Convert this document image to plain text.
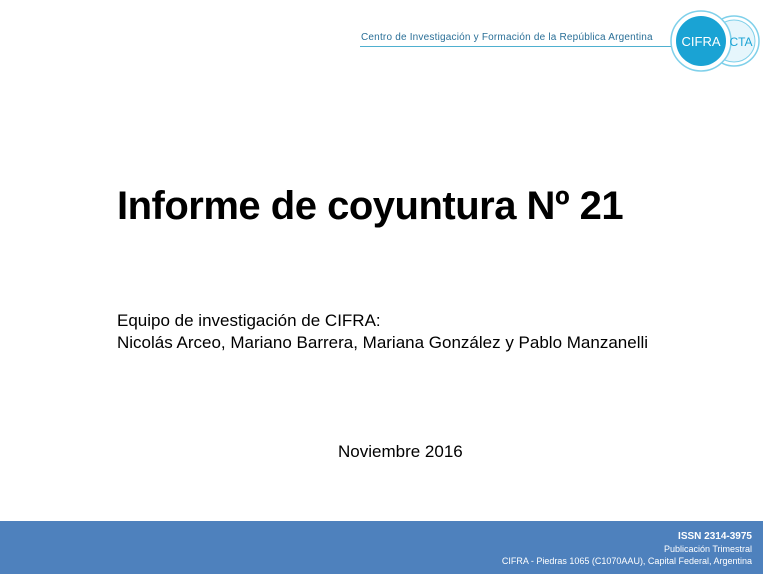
Centro de Investigación y Formación de la República Argentina CIFRA CTA
Informe de coyuntura Nº 21
Equipo de investigación de CIFRA:
Nicolás Arceo, Mariano Barrera, Mariana González y Pablo Manzanelli
Noviembre 2016
ISSN 2314-3975
Publicación Trimestral
CIFRA - Piedras 1065 (C1070AAU), Capital Federal, Argentina
